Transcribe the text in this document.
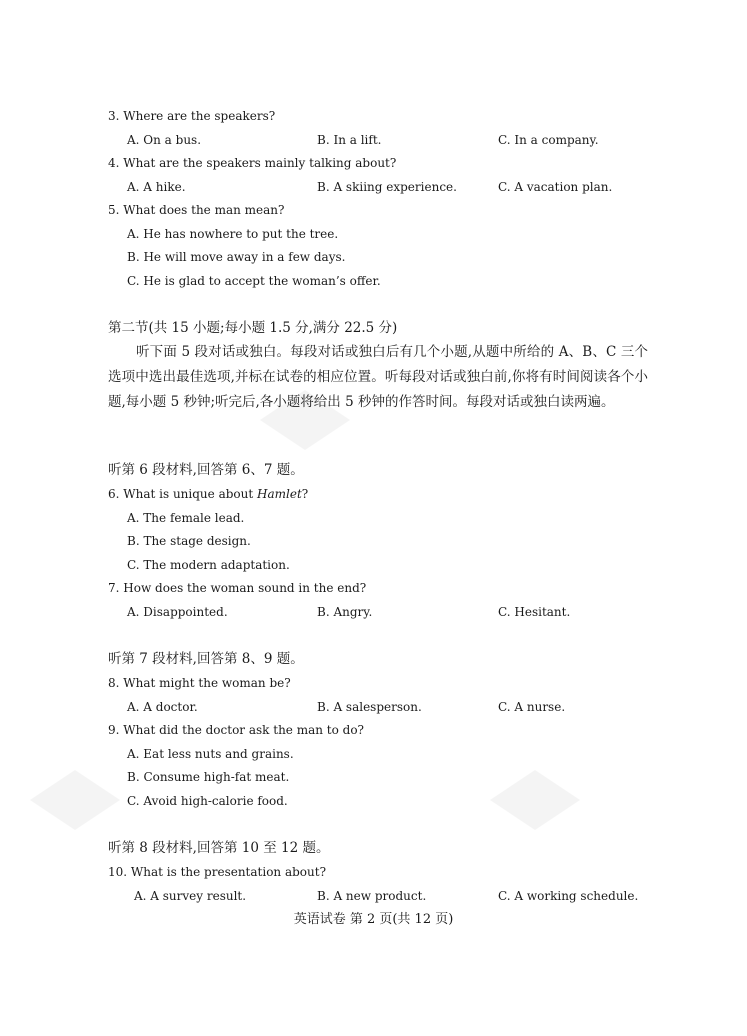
3. Where are the speakers?
A. On a bus.	B. In a lift.	C. In a company.
4. What are the speakers mainly talking about?
A. A hike.	B. A skiing experience.	C. A vacation plan.
5. What does the man mean?
A. He has nowhere to put the tree.
B. He will move away in a few days.
C. He is glad to accept the woman’s offer.
第二节(共 15 小题;每小题 1.5 分,满分 22.5 分)

听下面 5 段对话或独白。每段对话或独白后有几个小题,从题中所给的 A、B、C 三个选项中选出最佳选项,并标在试卷的相应位置。听每段对话或独白前,你将有时间阅读各个小题,每小题 5 秒钟;听完后,各小题将给出 5 秒钟的作答时间。每段对话或独白读两遍。

听第 6 段材料,回答第 6、7 题。
6. What is unique about Hamlet?
A. The female lead.
B. The stage design.
C. The modern adaptation.
7. How does the woman sound in the end?
A. Disappointed.	B. Angry.	C. Hesitant.
听第 7 段材料,回答第 8、9 题。
8. What might the woman be?
A. A doctor.	B. A salesperson.	C. A nurse.
9. What did the doctor ask the man to do?
A. Eat less nuts and grains.
B. Consume high-fat meat.
C. Avoid high-calorie food.
听第 8 段材料,回答第 10 至 12 题。
10. What is the presentation about?
A. A survey result.	B. A new product.	C. A working schedule.
英语试卷 第 2 页(共 12 页)
